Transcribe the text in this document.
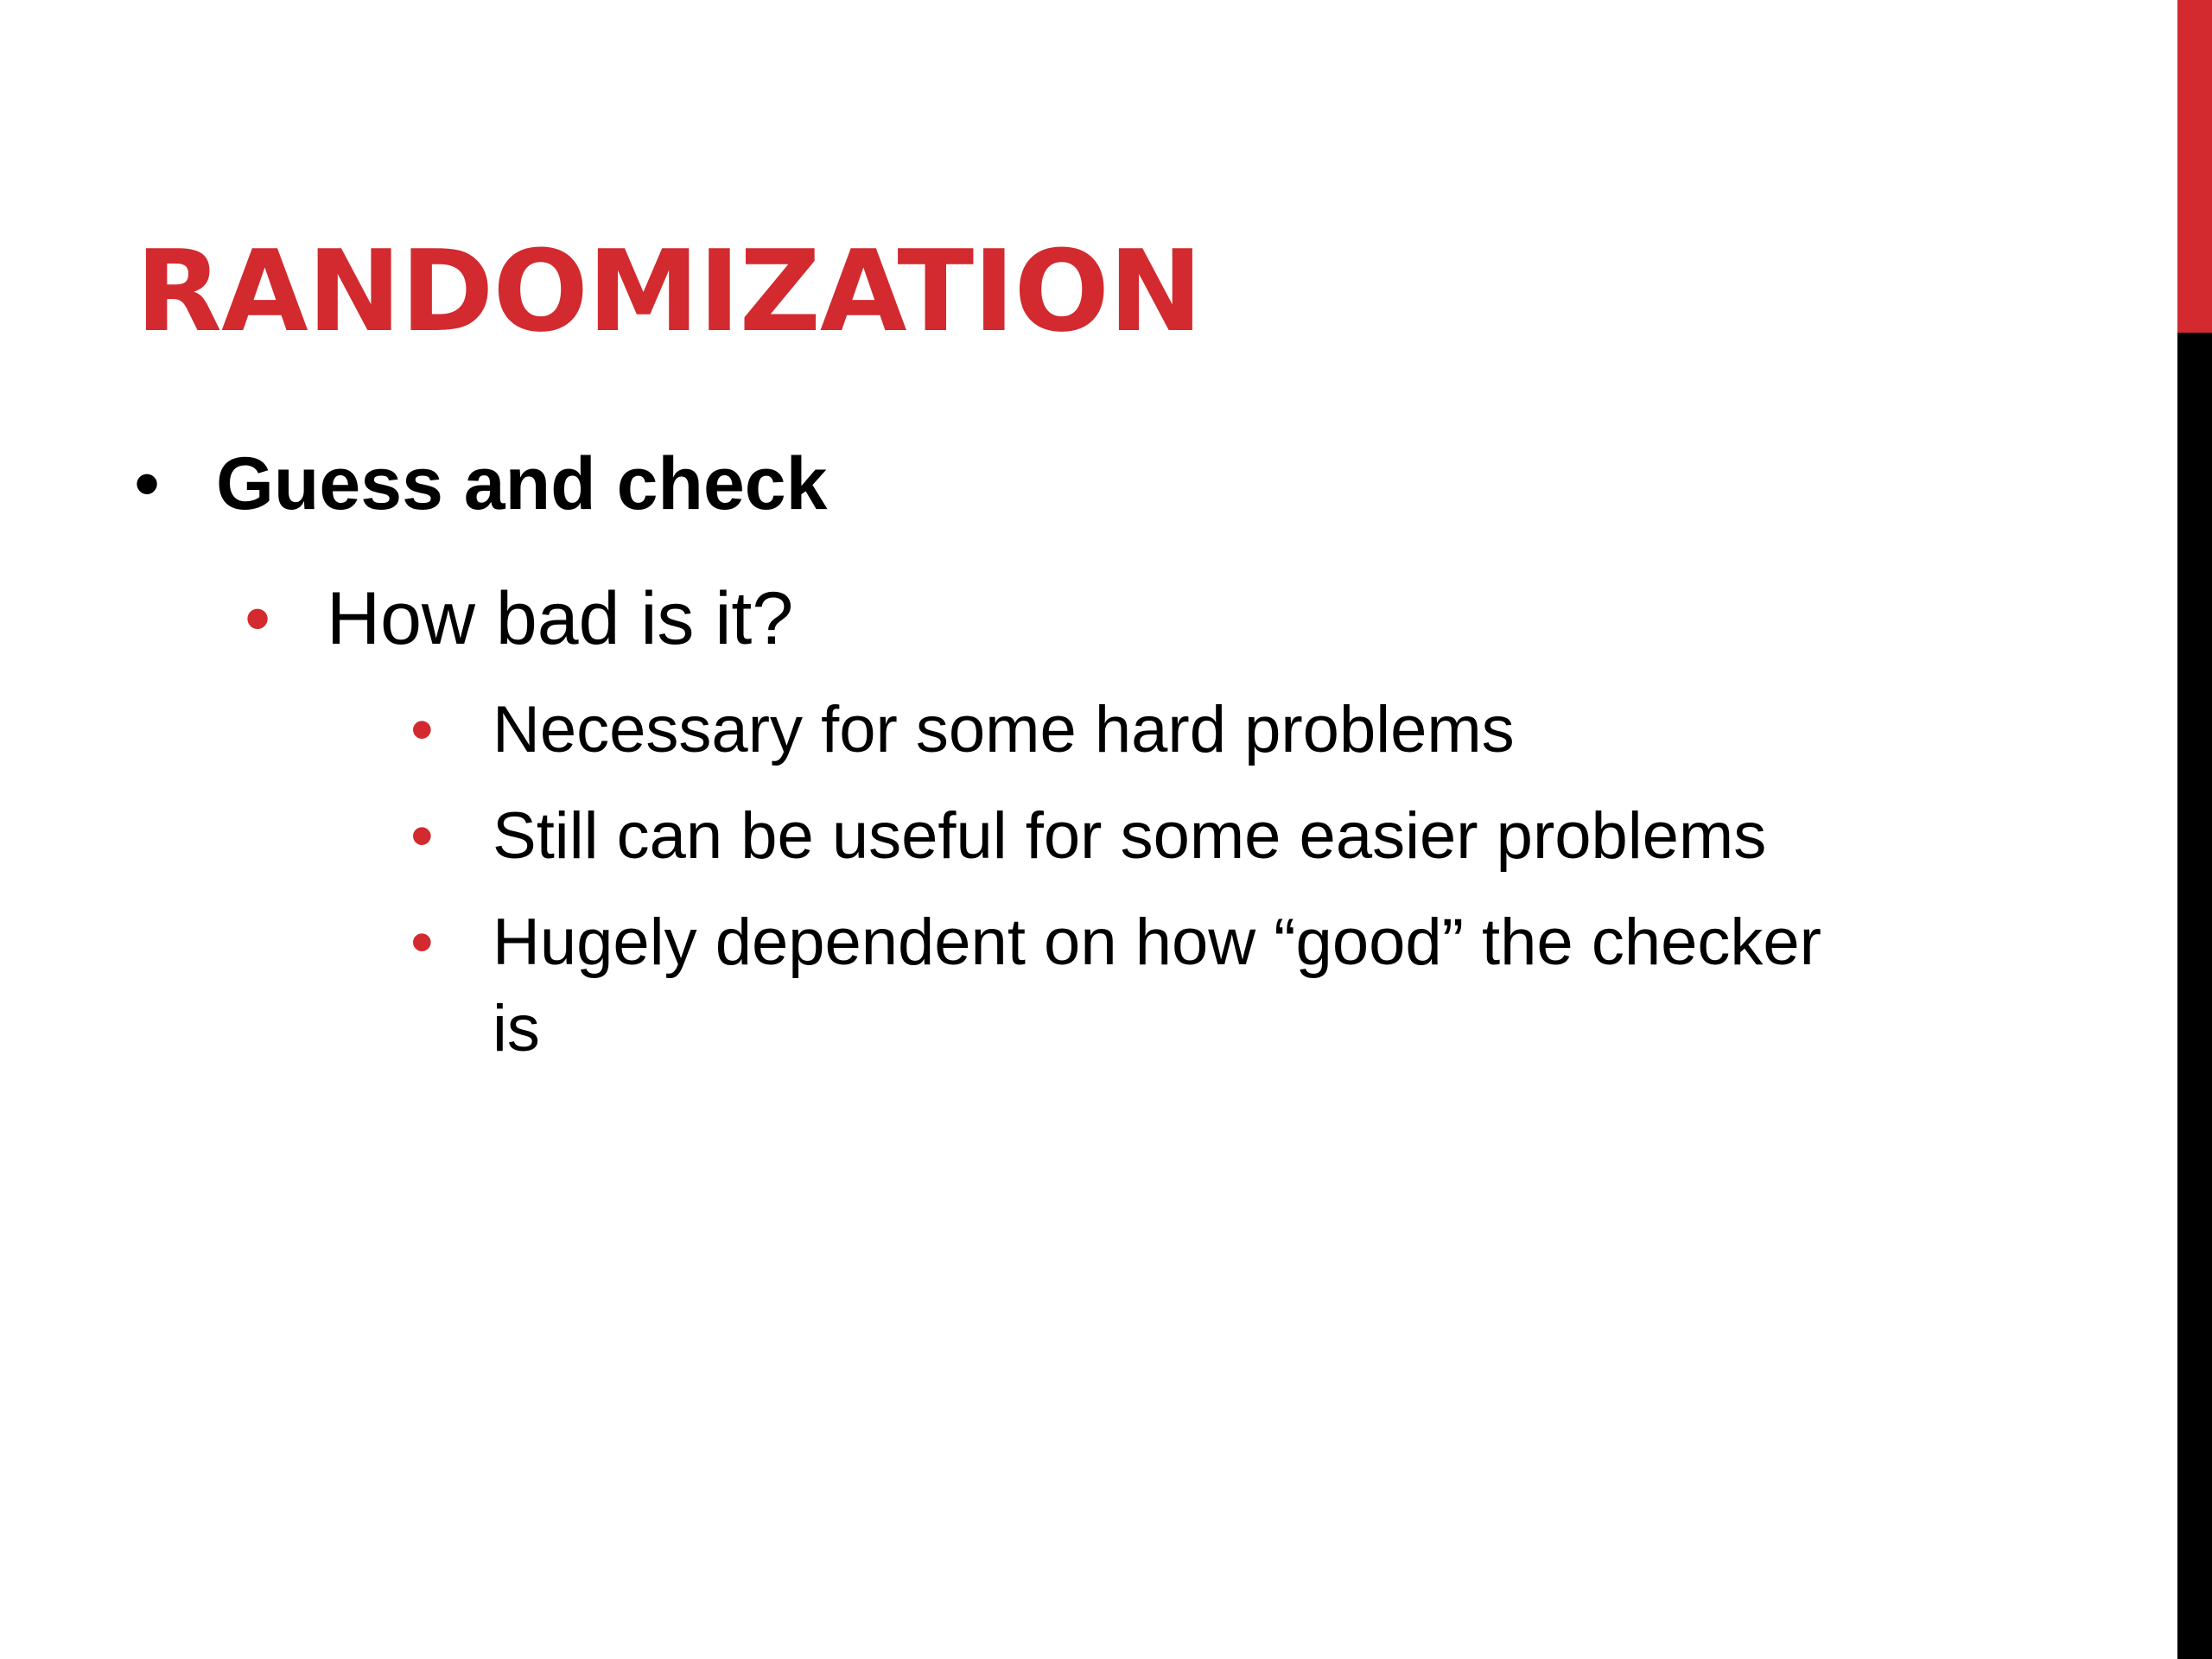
RANDOMIZATION
• Guess and check
• How bad is it?
• Necessary for some hard problems
• Still can be useful for some easier problems
• Hugely dependent on how “good” the checker is
